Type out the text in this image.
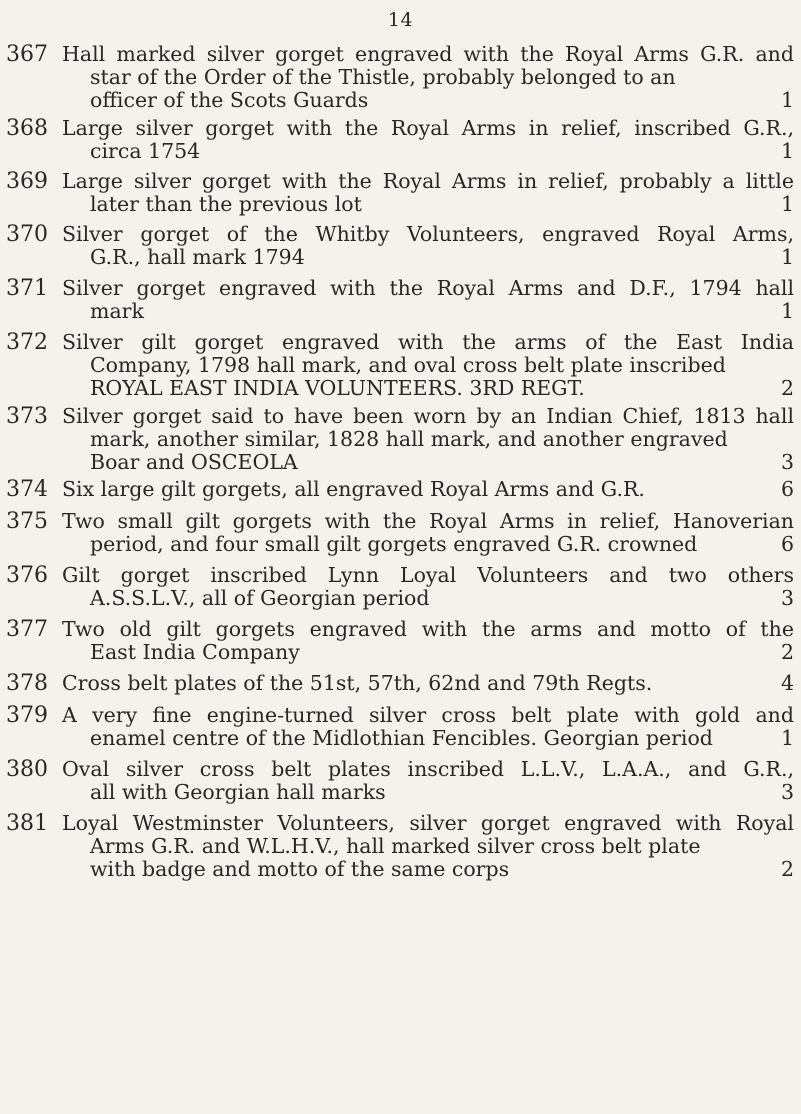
14
367 Hall marked silver gorget engraved with the Royal Arms G.R. and
star of the Order of the Thistle, probably belonged to an
officer of the Scots Guards	1
368 Large silver gorget with the Royal Arms in relief, inscribed G.R.,
circa 1754	1
369 Large silver gorget with the Royal Arms in relief, probably a little
later than the previous lot	1
370 Silver gorget of the Whitby Volunteers, engraved Royal Arms,
G.R., hall mark 1794	1
371 Silver gorget engraved with the Royal Arms and D.F., 1794 hall
mark	1
372 Silver gilt gorget engraved with the arms of the East India
Company, 1798 hall mark, and oval cross belt plate inscribed
ROYAL EAST INDIA VOLUNTEERS. 3RD REGT.	2
373 Silver gorget said to have been worn by an Indian Chief, 1813 hall
mark, another similar, 1828 hall mark, and another engraved
Boar and OSCEOLA	3
374 Six large gilt gorgets, all engraved Royal Arms and G.R.	6
375 Two small gilt gorgets with the Royal Arms in relief, Hanoverian
period, and four small gilt gorgets engraved G.R. crowned	6
376 Gilt gorget inscribed Lynn Loyal Volunteers and two others
A.S.S.L.V., all of Georgian period	3
377 Two old gilt gorgets engraved with the arms and motto of the
East India Company	2
378 Cross belt plates of the 51st, 57th, 62nd and 79th Regts.	4
379 A very fine engine-turned silver cross belt plate with gold and
enamel centre of the Midlothian Fencibles. Georgian period	1
380 Oval silver cross belt plates inscribed L.L.V., L.A.A., and G.R.,
all with Georgian hall marks	3
381 Loyal Westminster Volunteers, silver gorget engraved with Royal
Arms G.R. and W.L.H.V., hall marked silver cross belt plate
with badge and motto of the same corps	2
